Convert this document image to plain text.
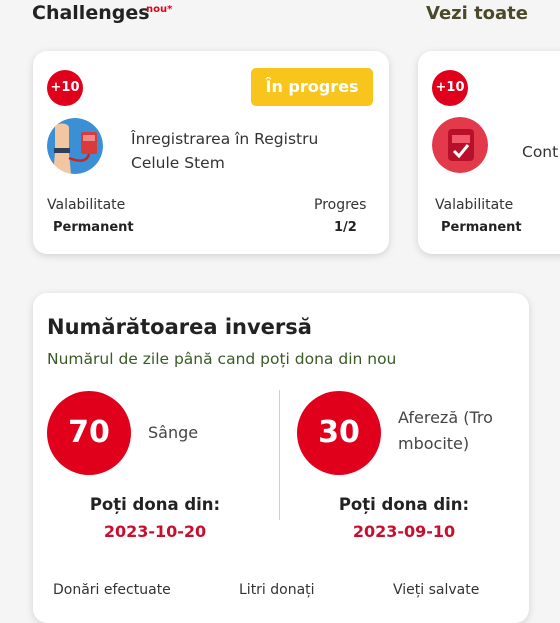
Challenges
nou*	Vezi toate
+10	În progres
Înregistrarea în Registru Celule Stem
Valabilitate
Permanent
Progres
1/2
+10
Cont
Valabilitate
Permanent
Numărătoarea inversă
Numărul de zile până cand poți dona din nou
70	Sânge	30	Afereză (Tro
mbocite)
Poți dona din:
2023-10-20
Poți dona din:
2023-09-10
Donări efectuate	Litri donați	Vieți salvate
